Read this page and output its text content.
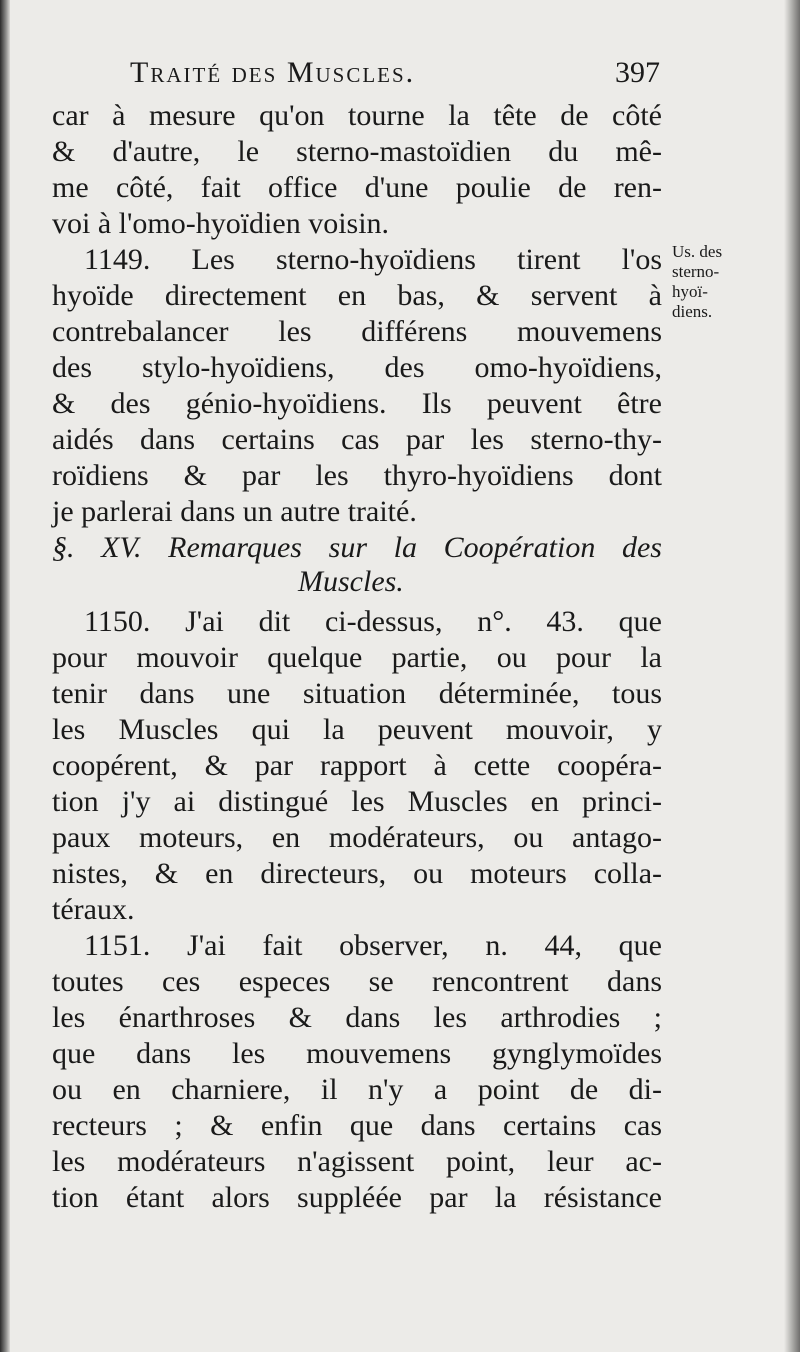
Traité des Muscles.	397
car à mesure qu'on tourne la tête de côté
& d'autre, le sterno-mastoïdien du mê-
me côté, fait office d'une poulie de ren-
voi à l'omo-hyoïdien voisin.
1149. Les sterno-hyoïdiens tirent l'os
hyoïde directement en bas, & servent à
contrebalancer les différens mouvemens
des stylo-hyoïdiens, des omo-hyoïdiens,
& des génio-hyoïdiens. Ils peuvent être
aidés dans certains cas par les sterno-thy-
roïdiens & par les thyro-hyoïdiens dont
je parlerai dans un autre traité.
§. XV. Remarques sur la Coopération des
Muscles.
1150. J'ai dit ci-dessus, n°. 43. que
pour mouvoir quelque partie, ou pour la
tenir dans une situation déterminée, tous
les Muscles qui la peuvent mouvoir, y
coopérent, & par rapport à cette coopéra-
tion j'y ai distingué les Muscles en princi-
paux moteurs, en modérateurs, ou antago-
nistes, & en directeurs, ou moteurs colla-
téraux.
1151. J'ai fait observer, n. 44, que
toutes ces especes se rencontrent dans
les énarthroses & dans les arthrodies ;
que dans les mouvemens gynglymoïdes
ou en charniere, il n'y a point de di-
recteurs ; & enfin que dans certains cas
les modérateurs n'agissent point, leur ac-
tion étant alors suppléée par la résistance
Us. des
sterno-
hyoï-
diens.
